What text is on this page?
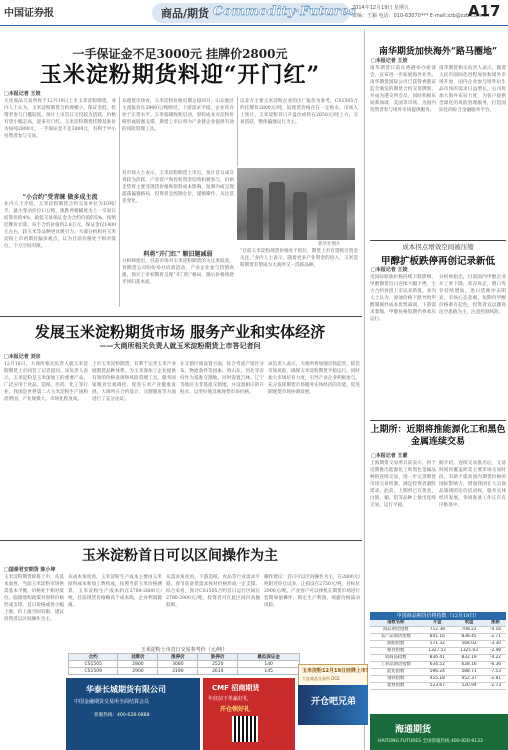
中国证券报	商品/期货 Commodity·Futures
2014年12月19日 星期五
责编：王颖 电话：010-63070*** E-mail:zzb@zzb.com.cn
A17
一手保证金不足3000元 挂牌价2800元
玉米淀粉期货料迎“开门红”
□本报记者 王姣
大连商品交易所将于12月19日上市玉米淀粉期货。业内人士认为，玉米淀粉期货合约规模小、保证金低，投资者参与门槛较低，预计上市首日交投较为活跃，价格有望小幅走高，迎来开门红。玉米淀粉期货挂牌基准价为每吨2800元，一手保证金不足3000元，有利于中小投资者参与交易。
“小合约”受青睐 做多成主流
业内人士介绍，玉米淀粉期货合约交易单位为10吨/手，最小变动价位1元/吨，涨跌停板幅度为上一交易日结算价的4%，最低交易保证金为合约价值的5%。按照挂牌价计算，每手合约价值约2.8万元，保证金仅1400元左右，较玉米等品种更具吸引力。大部分机构对玉米淀粉上市初期持偏多观点，认为目前价格处于相对低位，下方空间有限。
从现货市场看，玉米淀粉价格近期企稳回升，山东地区主流报价在2900元/吨附近，下游需求平稳，企业库存处于正常水平。玉米临储收购启动，原料成本对淀粉价格形成较强支撑，期货上市后将为产业链企业提供有效的风险管理工具。
有市场人士表示，玉米淀粉期货上市后，预计首日成交将较为活跃，产业客户和投机资金均将积极参与，价格走势将主要受现货价格和原料成本影响，短期内或呈现震荡偏强格局，投资者宜控制仓位，谨慎操作，关注基差变化。
料将“开门红” 顺旧题减弱
分析师指出，目前市场对玉米淀粉期货的关注度较高，各期货公司纷纷举办培训活动，产业企业参与热情高涨，预计上市初期将呈现“开门红”格局，随后价格将逐步回归基本面。
以北方主要玉米淀粉企业的出厂报价为参考，CS1505合约挂牌价2800元/吨，较现货价格存在一定贴水。市场人士预计，玉米淀粉首日开盘价或将在2850元/吨上方，交易活跃，整体偏强运行为主。
新华社图片
“目前玉米淀粉现货价格处于低位，期货上市有望吸引资金关注。”业内人士表示，随着更多产业资金的进入，玉米淀粉期货有望成为大商所又一活跃品种。
南华期货加快海外“路马圈地”
□本报记者 王姣
南华期货日前在香港举办座谈会，宣布进一步拓展海外业务。南华期货国际公司已获得香港证监会颁发的期货合约交易牌照，并成为港交所会员，同时积极布局新加坡、美国等市场，为国内投资者参与境外市场提供服务。
南华期货相关负责人表示，随着人民币国际化进程加快和境外市场开放，国内企业参与境外衍生品市场的需求日益增长，公司将加大海外布局力度，为客户提供全球化的风险管理服务，打造国际化的综合金融服务平台。
成本拐点增效空间被压缩
甲醇扩板跌停再创记录新低
□本报记者 王姣
受国际原油价格持续下跌影响，甲醇期货近日连续大幅下挫，主力合约再创上市以来新低。业内人士认为，原油价格下跌导致甲醇制烯烃成本优势减弱，下游需求萎缩，甲醇价格短期仍将承压运行。
分析师指出，目前国内甲醇企业开工率下降，库存高企，港口库存持续增加，进口货源冲击明显，市场心态悲观。短期内甲醇价格难有起色，投资者宜以逢高沽空思路为主，注意控制风险。
上期所：近期将推能源化工和黑色金属连续交易
□本报记者 王蒙
上海期货交易所日前表示，将于近期推出能源化工和黑色金属品种的连续交易，进一步完善期货市场交易机制，满足投资者避险需求。此前，上期所已在黄金、白银、铜、铝等品种上推出连续交易，运行平稳。
据介绍，连续交易推出后，交易时间将覆盖欧美主要市场交易时段，有助于提高国内期货价格的国际影响力，增强我国在大宗商品领域的定价话语权，服务实体经济发展。各项准备工作正在有序推进中。
中国商品期货价格指数（12月18日）
指数名称	开盘	收盘	涨跌
商品期货指数	712.38	708.22	-4.16
农产品期货指数	841.16	838.45	-2.71
油脂指数	571.32	568.02	-3.30
粮食指数	1327.51	1325.03	-2.48
软商品指数	836.41	832.19	-4.22
工业品期货指数	634.52	628.16	-6.36
能化指数	596.24	588.71	-7.53
钢铁指数	455.18	452.37	-2.81
建材指数	523.67	520.94	-2.73
发展玉米淀粉期货市场 服务产业和实体经济
——大商所相关负责人就玉米淀粉期货上市答记者问
□本报记者 刘宗
12月18日，大商所相关负责人就玉米淀粉期货上市回答了记者提问。该负责人表示，玉米淀粉是玉米深加工的重要产品，广泛应用于食品、造纸、医药、化工等行业，我国是世界第二大玉米淀粉生产国和消费国，产业规模大、市场化程度高。
上市玉米淀粉期货，有利于完善玉米产业链期货品种体系，为玉米深加工企业提供有效的价格发现和风险管理工具，服务国家粮食宏观调控，促进玉米产业健康发展。大商所在合约设计、交割制度等方面进行了充分论证。
在交割区域设置方面，综合考虑产销区分布、物流条件等因素，将山东、河北等省份作为基准交割地，同时设置吉林、辽宁等地区为非基准交割地，并设置相应的升贴水，以更好地反映现货市场价格。
该负责人表示，大商所将加强市场监管，防范市场风险，确保玉米淀粉期货平稳运行。同时加大市场培育力度，引导产业企业积极参与，充分发挥期货市场服务实体经济的功能，促进期现货市场协调发展。
玉米淀粉首日可以区间操作为主
□国泰君安期货 陈小坤
玉米淀粉期货即将上市，从基本面看，当前玉米淀粉市场供需基本平衡，价格处于相对低位。临储收购政策对原料价格形成支撑，首日价格或将小幅上涨，但上涨空间有限，建议投资者以区间操作为主。
从成本角度看，玉米淀粉生产成本主要由玉米原料成本和加工费构成，按照当前玉米价格测算，玉米淀粉生产成本约在2700-2800元/吨，目前现货价格略高于成本线，企业利润微薄。
从需求角度看，下游造纸、食品等行业需求平稳，春节前备货需求将对价格形成一定支撑。综合来看，预计CS1505合约首日运行区间在2780-2900元/吨，投资者可在此区间内高抛低吸。
操作建议：首日可以区间操作为主，在2800元/吨附近轻仓试多，止损设在2750元/吨，目标位2900元/吨。产业客户可以择机在期货市场进行套期保值操作，锁定生产利润，规避价格波动风险。
玉米淀粉上市首日交易参考价（元/吨）
合约	挂牌价	涨停价	跌停价	最低保证金
CS1505	2800	3080	2520	140
CS1509	2900	3190	2610	145
华泰长城期货有限公司
中国金融期货交易所全面结算会员
客服热线：400-628-0888
CMF 招商期货
年底前下单赢好礼
开仓领好礼
玉米淀粉12月19日挂牌上市!
大连商品交易所 DCE
开仓吧兄弟
海通期货
HAITONG FUTURES 全国客服热线 400-820-9133
